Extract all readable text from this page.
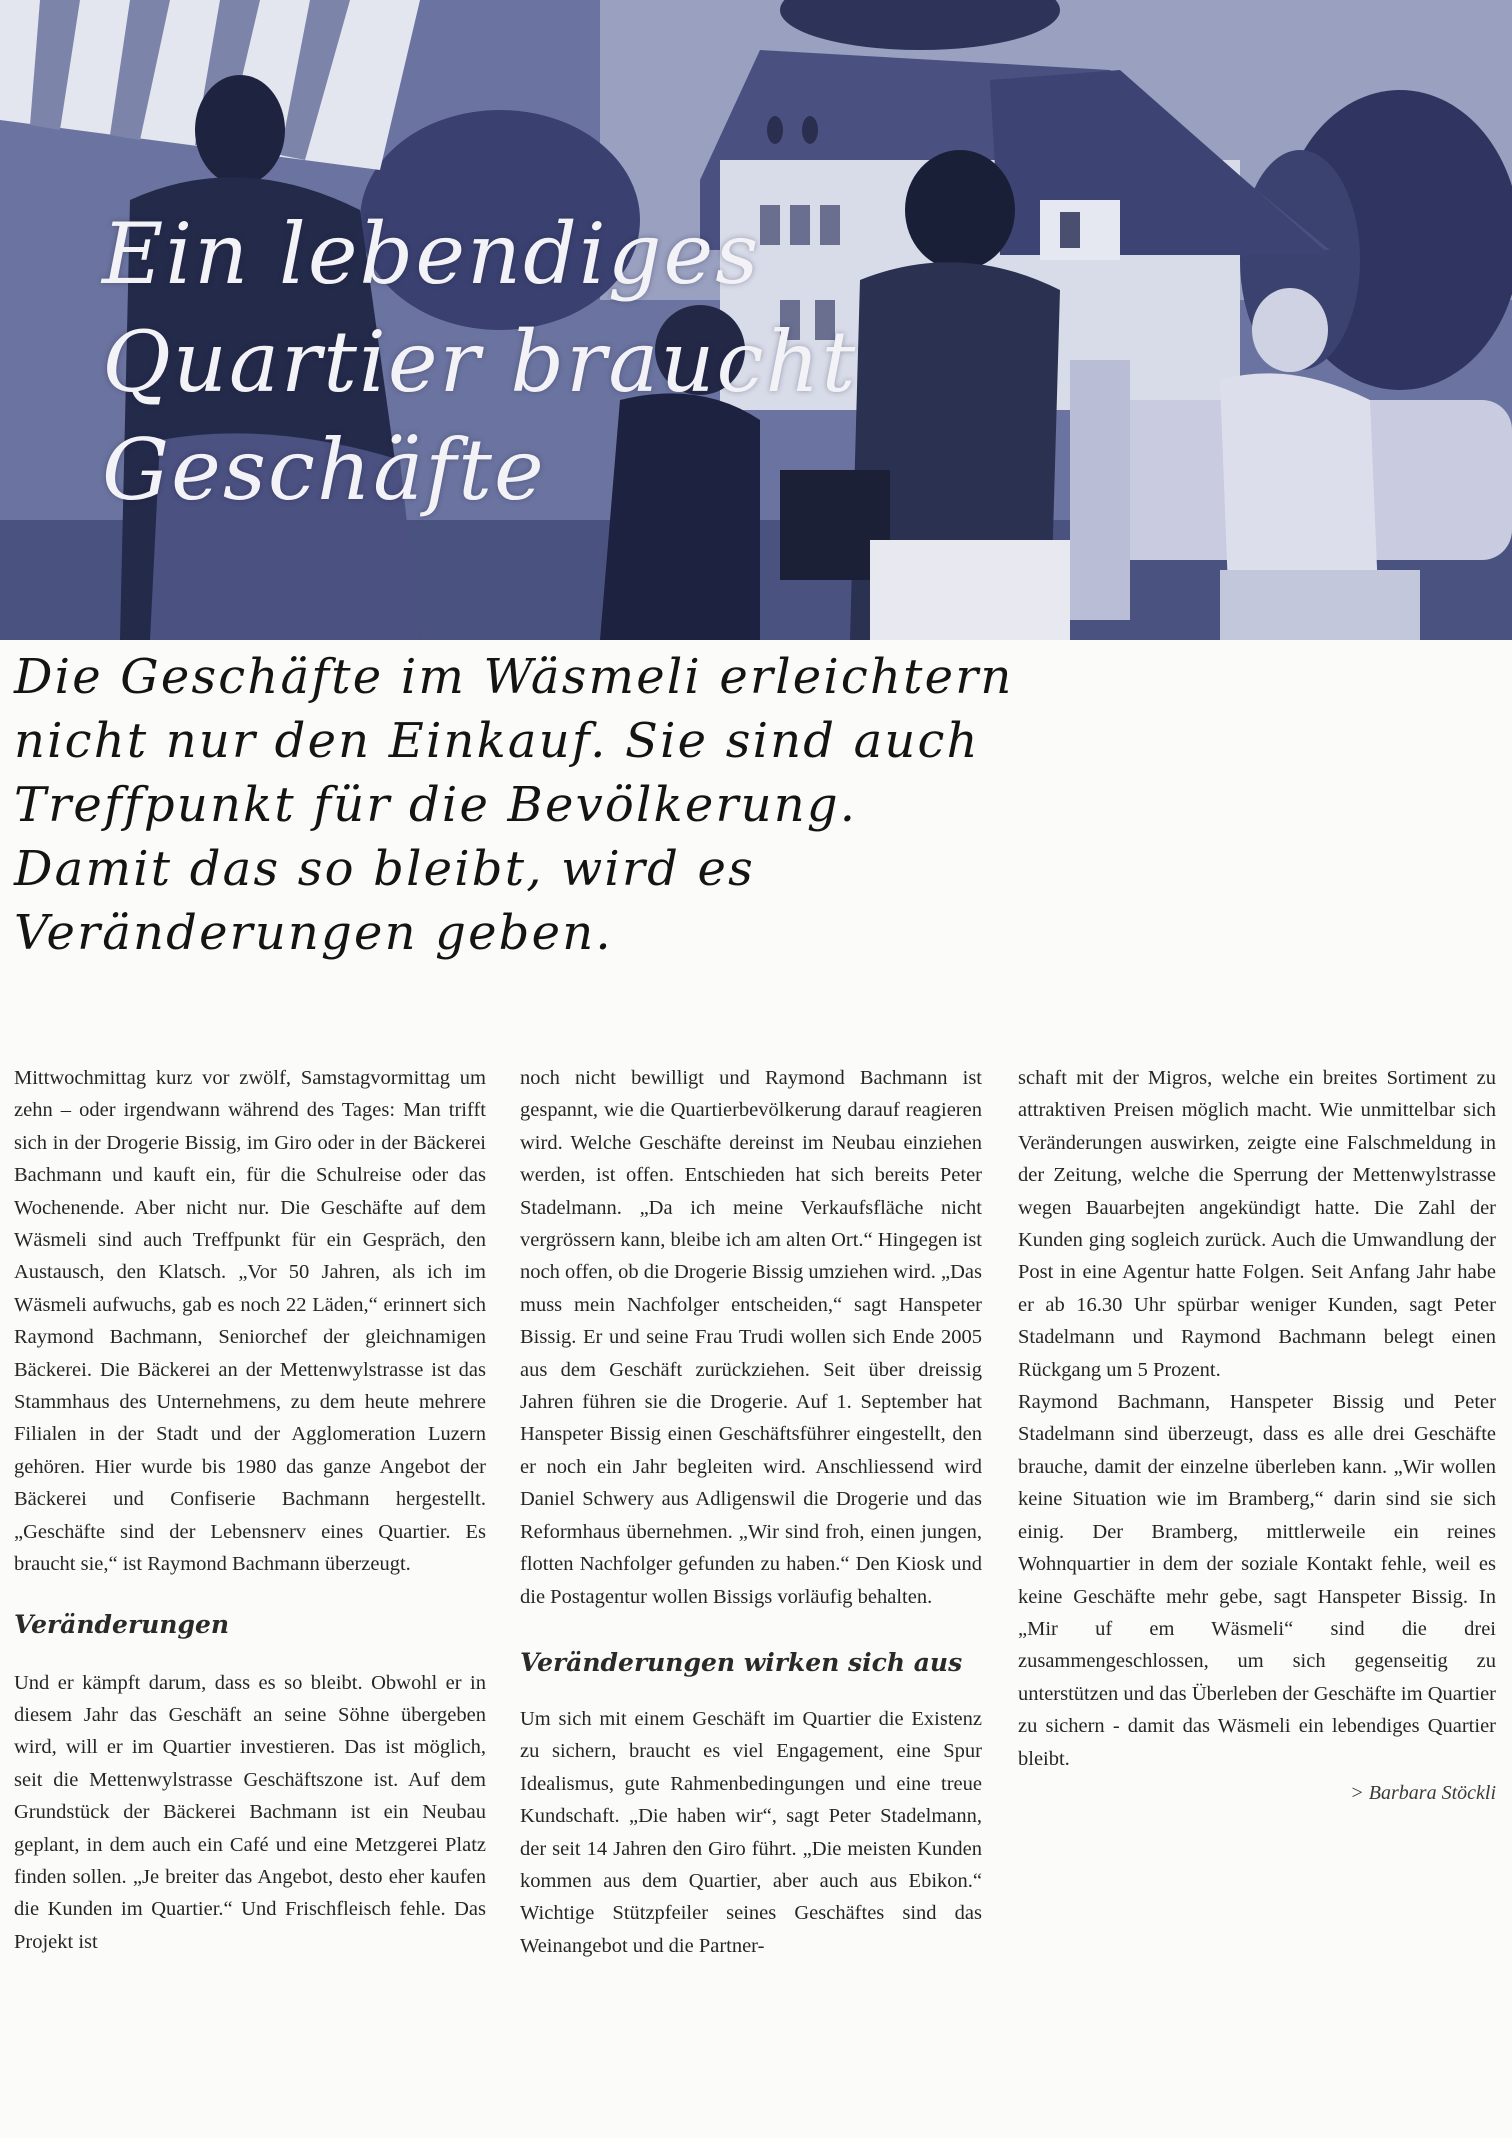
Ein lebendiges
Quartier braucht
Geschäfte

Die Geschäfte im Wäsmeli erleichtern nicht nur den Einkauf. Sie sind auch Treffpunkt für die Bevölkerung. Damit das so bleibt, wird es Veränderungen geben.

Mittwochmittag kurz vor zwölf, Samstagvormittag um zehn – oder irgendwann während des Tages: Man trifft sich in der Drogerie Bissig, im Giro oder in der Bäckerei Bachmann und kauft ein, für die Schulreise oder das Wochenende. Aber nicht nur. Die Geschäfte auf dem Wäsmeli sind auch Treffpunkt für ein Gespräch, den Austausch, den Klatsch. „Vor 50 Jahren, als ich im Wäsmeli aufwuchs, gab es noch 22 Läden,“ erinnert sich Raymond Bachmann, Seniorchef der gleichnamigen Bäckerei. Die Bäckerei an der Mettenwylstrasse ist das Stammhaus des Unternehmens, zu dem heute mehrere Filialen in der Stadt und der Agglomeration Luzern gehören. Hier wurde bis 1980 das ganze Angebot der Bäckerei und Confiserie Bachmann hergestellt. „Geschäfte sind der Lebensnerv eines Quartier. Es braucht sie,“ ist Raymond Bachmann überzeugt.

Veränderungen

Und er kämpft darum, dass es so bleibt. Obwohl er in diesem Jahr das Geschäft an seine Söhne übergeben wird, will er im Quartier investieren. Das ist möglich, seit die Mettenwylstrasse Geschäftszone ist. Auf dem Grundstück der Bäckerei Bachmann ist ein Neubau geplant, in dem auch ein Café und eine Metzgerei Platz finden sollen. „Je breiter das Angebot, desto eher kaufen die Kunden im Quartier.“ Und Frischfleisch fehle. Das Projekt ist

noch nicht bewilligt und Raymond Bachmann ist gespannt, wie die Quartierbevölkerung darauf reagieren wird. Welche Geschäfte dereinst im Neubau einziehen werden, ist offen. Entschieden hat sich bereits Peter Stadelmann. „Da ich meine Verkaufsfläche nicht vergrössern kann, bleibe ich am alten Ort.“ Hingegen ist noch offen, ob die Drogerie Bissig umziehen wird. „Das muss mein Nachfolger entscheiden,“ sagt Hanspeter Bissig. Er und seine Frau Trudi wollen sich Ende 2005 aus dem Geschäft zurückziehen. Seit über dreissig Jahren führen sie die Drogerie. Auf 1. September hat Hanspeter Bissig einen Geschäftsführer eingestellt, den er noch ein Jahr begleiten wird. Anschliessend wird Daniel Schwery aus Adligenswil die Drogerie und das Reformhaus übernehmen. „Wir sind froh, einen jungen, flotten Nachfolger gefunden zu haben.“ Den Kiosk und die Postagentur wollen Bissigs vorläufig behalten.

Veränderungen wirken sich aus

Um sich mit einem Geschäft im Quartier die Existenz zu sichern, braucht es viel Engagement, eine Spur Idealismus, gute Rahmenbedingungen und eine treue Kundschaft. „Die haben wir“, sagt Peter Stadelmann, der seit 14 Jahren den Giro führt. „Die meisten Kunden kommen aus dem Quartier, aber auch aus Ebikon.“ Wichtige Stützpfeiler seines Geschäftes sind das Weinangebot und die Partner-

schaft mit der Migros, welche ein breites Sortiment zu attraktiven Preisen möglich macht. Wie unmittelbar sich Veränderungen auswirken, zeigte eine Falschmeldung in der Zeitung, welche die Sperrung der Mettenwylstrasse wegen Bauarbejten angekündigt hatte. Die Zahl der Kunden ging sogleich zurück. Auch die Umwandlung der Post in eine Agentur hatte Folgen. Seit Anfang Jahr habe er ab 16.30 Uhr spürbar weniger Kunden, sagt Peter Stadelmann und Raymond Bachmann belegt einen Rückgang um 5 Prozent.

Raymond Bachmann, Hanspeter Bissig und Peter Stadelmann sind überzeugt, dass es alle drei Geschäfte brauche, damit der einzelne überleben kann. „Wir wollen keine Situation wie im Bramberg,“ darin sind sie sich einig. Der Bramberg, mittlerweile ein reines Wohnquartier in dem der soziale Kontakt fehle, weil es keine Geschäfte mehr gebe, sagt Hanspeter Bissig. In „Mir uf em Wäsmeli“ sind die drei zusammengeschlossen, um sich gegenseitig zu unterstützen und das Überleben der Geschäfte im Quartier zu sichern - damit das Wäsmeli ein lebendiges Quartier bleibt.

> Barbara Stöckli
